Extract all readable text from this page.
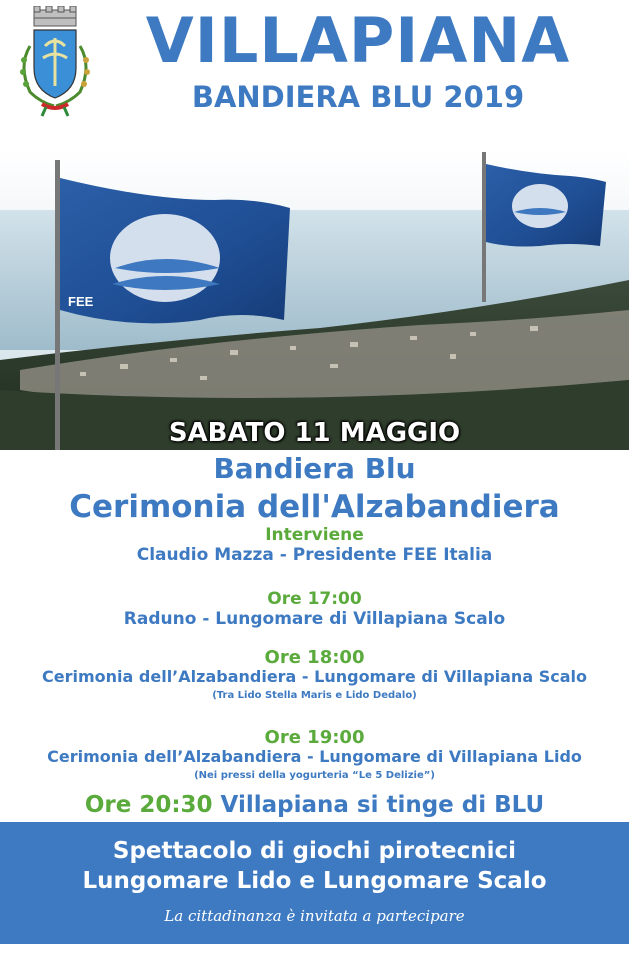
VILLAPIANA
BANDIERA BLU 2019
FEE
SABATO 11 MAGGIO
Bandiera Blu
Cerimonia dell'Alzabandiera
Interviene
Claudio Mazza - Presidente FEE Italia
Ore 17:00
Raduno - Lungomare di Villapiana Scalo
Ore 18:00
Cerimonia dell’Alzabandiera - Lungomare di Villapiana Scalo
(Tra Lido Stella Maris e Lido Dedalo)
Ore 19:00
Cerimonia dell’Alzabandiera - Lungomare di Villapiana Lido
(Nei pressi della yogurteria “Le 5 Delizie”)
Ore 20:30 Villapiana si tinge di BLU
Spettacolo di giochi pirotecnici
Lungomare Lido e Lungomare Scalo
La cittadinanza è invitata a partecipare
